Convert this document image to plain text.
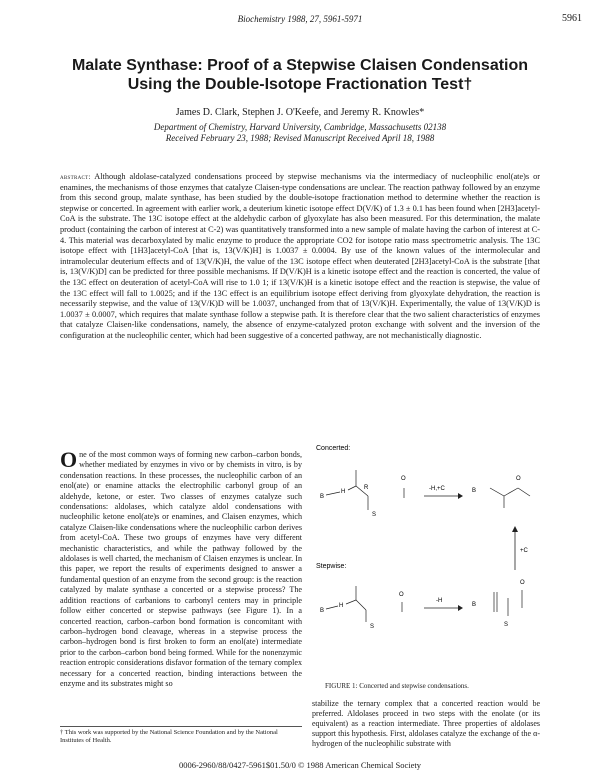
Biochemistry 1988, 27, 5961-5971	5961
Malate Synthase: Proof of a Stepwise Claisen Condensation Using the Double-Isotope Fractionation Test†
James D. Clark, Stephen J. O'Keefe, and Jeremy R. Knowles*
Department of Chemistry, Harvard University, Cambridge, Massachusetts 02138
Received February 23, 1988; Revised Manuscript Received April 18, 1988
abstract: Although aldolase-catalyzed condensations proceed by stepwise mechanisms via the intermediacy of nucleophilic enol(ate)s or enamines, the mechanisms of those enzymes that catalyze Claisen-type condensations are unclear. The reaction pathway followed by an enzyme from this second group, malate synthase, has been studied by the double-isotope fractionation method to determine whether the reaction is stepwise or concerted. In agreement with earlier work, a deuterium kinetic isotope effect D(V/K) of 1.3 ± 0.1 has been found when [2H3]acetyl-CoA is the substrate. The 13C isotope effect at the aldehydic carbon of glyoxylate has also been measured. For this determination, the malate product (containing the carbon of interest at C-2) was quantitatively transformed into a new sample of malate having the carbon of interest at C-4. This material was decarboxylated by malic enzyme to produce the appropriate CO2 for isotope ratio mass spectrometric analysis. The 13C isotope effect with [1H3]acetyl-CoA [that is, 13(V/K)H] is 1.0037 ± 0.0004. By use of the known values of the intermolecular and intramolecular deuterium effects and of 13(V/K)H, the value of the 13C isotope effect when deuterated [2H3]acetyl-CoA is the substrate [that is, 13(V/K)D] can be predicted for three possible mechanisms. If D(V/K)H is a kinetic isotope effect and the reaction is concerted, the value of the 13C effect on deuteration of acetyl-CoA will rise to 1.0 1; if 13(V/K)H is a kinetic isotope effect and the reaction is stepwise, the value of the 13C effect will fall to 1.0025; and if the 13C effect is an equilibrium isotope effect deriving from glyoxylate dehydration, the reaction is necessarily stepwise, and the value of 13(V/K)D will be 1.0037, unchanged from that of 13(V/K)H. Experimentally, the value of 13(V/K)D is 1.0037 ± 0.0007, which requires that malate synthase follow a stepwise path. It is therefore clear that the two salient characteristics of enzymes that catalyze Claisen-like condensations, namely, the absence of enzyme-catalyzed proton exchange with solvent and the inversion of the configuration at the nucleophilic center, which had been suggestive of a concerted pathway, are not mechanistically diagnostic.
One of the most common ways of forming new carbon–carbon bonds, whether mediated by enzymes in vivo or by chemists in vitro, is by condensation reactions. In these processes, the nucleophilic carbon of an enol(ate) or enamine attacks the electrophilic carbonyl group of an aldehyde, ketone, or ester. Two classes of enzymes catalyze such condensations: aldolases, which catalyze aldol condensations with nucleophilic ketone enol(ate)s or enamines, and Claisen enzymes, which catalyze Claisen-like condensations where the nucleophilic carbon derives from acetyl-CoA. These two groups of enzymes have very different mechanistic characteristics, and while the pathway followed by the aldolases is well charted, the mechanism of Claisen enzymes is unclear. In this paper, we report the results of experiments designed to answer a fundamental question of an enzyme from the second group: is the reaction catalyzed by malate synthase a concerted or a stepwise process? The addition reactions of carbanions to carbonyl centers may in principle follow either concerted or stepwise pathways (see Figure 1). In a concerted reaction, carbon–carbon bond formation is concomitant with carbon–hydrogen bond cleavage, whereas in a stepwise process the carbon–hydrogen bond is first broken to form an enol(ate) intermediate prior to the carbon–carbon bond being formed. While for the nonenzymic reaction entropic considerations disfavor formation of the ternary complex necessary for a concerted reaction, binding interactions between the enzyme and its substrates might so
† This work was supported by the National Science Foundation and by the National Institutes of Health.
Concerted:
B
H
S
R
O
-H,+C	B
O
+C
Stepwise:
B
H
S
O
-H
B
O
S
FIGURE 1: Concerted and stepwise condensations.
stabilize the ternary complex that a concerted reaction would be preferred. Aldolases proceed in two steps with the enolate (or its equivalent) as a reaction intermediate. Three properties of aldolases support this hypothesis. First, aldolases catalyze the exchange of the α-hydrogen of the nucleophilic substrate with
0006-2960/88/0427-5961$01.50/0 © 1988 American Chemical Society
